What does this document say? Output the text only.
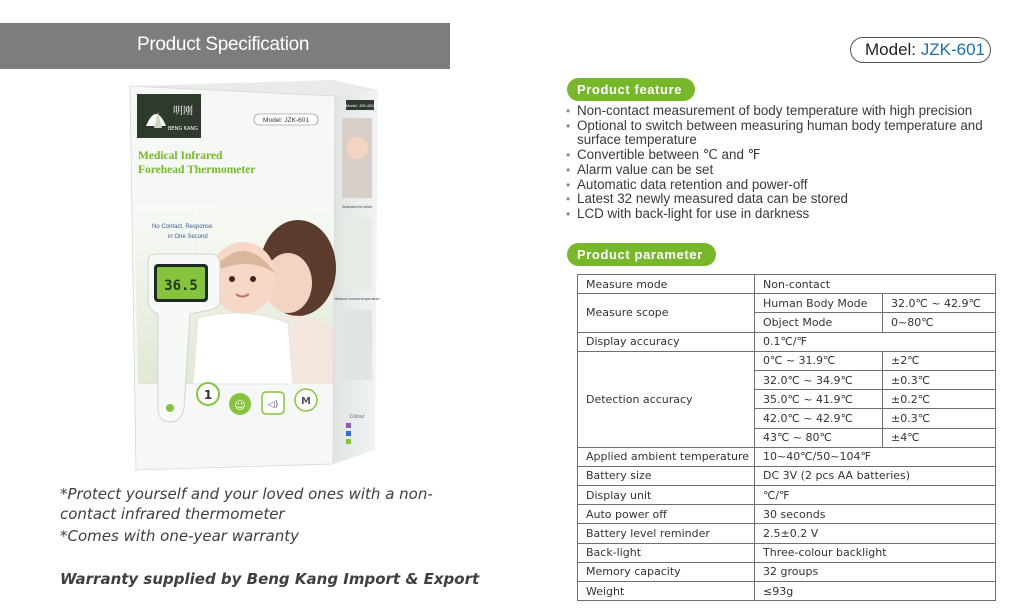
Product Specification	Model: JZK-601
36.5
明刚
BENG KANG
Model: JZK-601
Medical Infrared
Forehead Thermometer
No Contact, Response
in One Second
1
☺ ◁) M
Model: JZK-601
Dedicated for infant
Measure human temperature
Colour
*Protect yourself and your loved ones with a non-contact infrared thermometer
*Comes with one-year warranty
Warranty supplied by Beng Kang Import & Export
Product feature
• Non-contact measurement of body temperature with high precision
• Optional to switch between measuring human body temperature and surface temperature
• Convertible between ℃ and ℉
• Alarm value can be set
• Automatic data retention and power-off
• Latest 32 newly measured data can be stored
• LCD with back-light for use in darkness
Product parameter
Measure mode	Non-contact	
Measure scope	Human Body Mode	32.0℃ ~ 42.9℃
	Object Mode	0~80℃
Display accuracy	0.1℃/℉	
Detection accuracy	0℃ ~ 31.9℃	±2℃
	32.0℃ ~ 34.9℃	±0.3℃
	35.0℃ ~ 41.9℃	±0.2℃
	42.0℃ ~ 42.9℃	±0.3℃
	43℃ ~ 80℃	±4℃
Applied ambient temperature	10~40℃/50~104℉	
Battery size	DC 3V (2 pcs AA batteries)	
Display unit	℃/℉	
Auto power off	30 seconds	
Battery level reminder	2.5±0.2 V	
Back-light	Three-colour backlight	
Memory capacity	32 groups	
Weight	≤93g	
